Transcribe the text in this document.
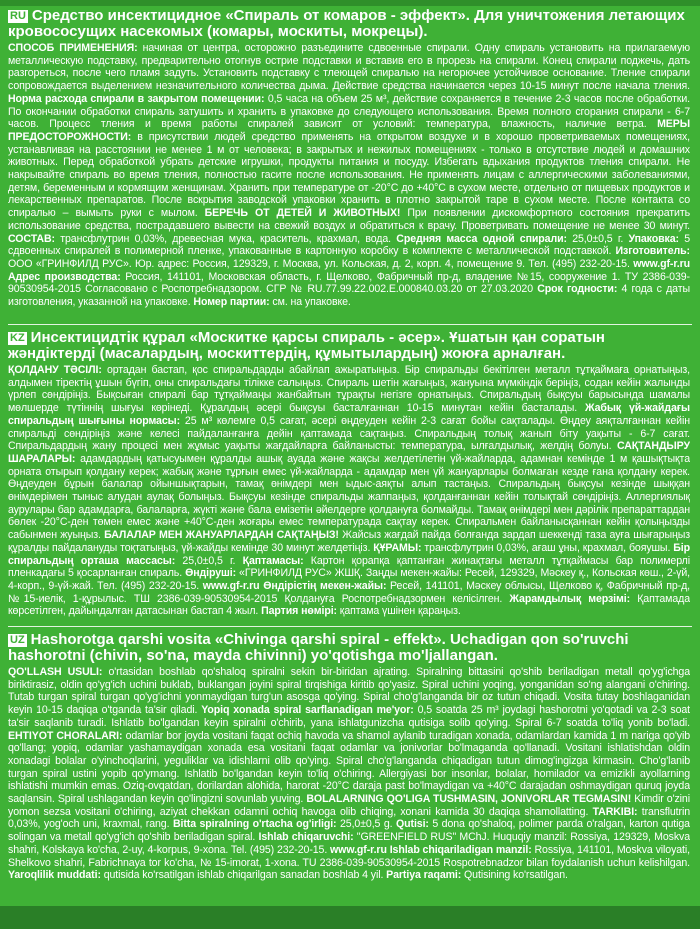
RU Средство инсектицидное «Спираль от комаров - эффект». Для уничтожения летающих кровососущих насекомых (комары, москиты, мокрецы).

СПОСОБ ПРИМЕНЕНИЯ: начиная от центра, осторожно разъедините сдвоенные спирали. Одну спираль установить на прилагаемую металлическую подставку, предварительно отогнув острие подставки и вставив его в прорезь на спирали. Конец спирали поджечь, дать разгореться, после чего пламя задуть. Установить подставку с тлеющей спиралью на негорючее устойчивое основание. Тление спирали сопровождается выделением незначительного количества дыма. Действие средства начинается через 10-15 минут после начала тления. Норма расхода спирали в закрытом помещении: 0,5 часа на объем 25 м³, действие сохраняется в течение 2-3 часов после обработки. По окончании обработки спираль затушить и хранить в упаковке до следующего использования. Время полного сгорания спирали - 6-7 часов. Процесс тления и время работы спиралей зависит от условий: температура, влажность, наличие ветра. МЕРЫ ПРЕДОСТОРОЖНОСТИ: в присутствии людей средство применять на открытом воздухе и в хорошо проветриваемых помещениях, устанавливая на расстоянии не менее 1 м от человека; в закрытых и нежилых помещениях - только в отсутствие людей и домашних животных. Перед обработкой убрать детские игрушки, продукты питания и посуду. Избегать вдыхания продуктов тления спирали. Не накрывайте спираль во время тления, полностью гасите после использования. Не применять лицам с аллергическими заболеваниями, детям, беременным и кормящим женщинам. Хранить при температуре от -20°С до +40°С в сухом месте, отдельно от пищевых продуктов и лекарственных препаратов. После вскрытия заводской упаковки хранить в плотно закрытой таре в сухом месте. После контакта со спиралью – вымыть руки с мылом. БЕРЕЧЬ ОТ ДЕТЕЙ И ЖИВОТНЫХ! При появлении дискомфортного состояния прекратить использование средства, пострадавшего вывести на свежий воздух и обратиться к врачу. Проветривать помещение не менее 30 минут. СОСТАВ: трансфлутрин 0,03%, древесная мука, краситель, крахмал, вода. Средняя масса одной спирали: 25,0±0,5 г. Упаковка: 5 сдвоенных спиралей в полимерной пленке, упакованные в картонную коробку в комплекте с металлической подставкой. Изготовитель: ООО «ГРИНФИЛД РУС». Юр. адрес: Россия, 129329, г. Москва, ул. Кольская, д. 2, корп. 4, помещение 9. Тел. (495) 232-20-15. www.gf-r.ru Адрес производства: Россия, 141101, Московская область, г. Щелково, Фабричный пр-д, владение №15, сооружение 1. ТУ 2386-039-90530954-2015 Согласовано с Роспотребнадзором. СГР № RU.77.99.22.002.E.000840.03.20 от 27.03.2020 Срок годности: 4 года с даты изготовления, указанной на упаковке. Номер партии: см. на упаковке.

KZ Инсектицидтік құрал «Москитке қарсы спираль - әсер». Ұшатын қан соратын жәндіктерді (масалардың, москиттердің, құмытылардың) жоюға арналған.

ҚОЛДАНУ ТӘСІЛІ: ортадан бастап, қос спиральдарды абайлап ажыратыңыз. Бір спиральды бекітілген металл тұтқаймаға орнатыңыз, алдымен тіректің ұшын бүгіп, оны спиральдағы тілікке салыңыз. Спираль шетін жағыңыз, жануына мүмкіндік беріңіз, содан кейін жалынды үрлеп сөндіріңіз. Бықсыған спиралі бар тұтқаймаңы жанбайтын тұрақты негізге орнатыңыз. Спиральдың бықсуы барысында шамалы мөлшерде түтіннің шығуы көрінеді. Құралдың әсері бықсуы басталғаннан 10-15 минутан кейін басталады. Жабық үй-жайдағы спиральдың шығыны нормасы: 25 м³ көлемге 0,5 сағат, әсері өңдеуден кейін 2-3 сағат бойы сақталады. Өңдеу аяқталғаннан кейін спиральді сөндіріңіз және келесі пайдаланғанға дейін қаптамада сақтаңыз. Спиральдың толық жанып біту уақыты - 6-7 сағат. Спиральдардың жану процесі мен жұмыс уақыты жағдайларға байланысты: температура, ылғалдылық, желдің болуы. САҚТАНДЫРУ ШАРАЛАРЫ: адамдардың қатысуымен құралды ашық ауада және жақсы желдетілетін үй-жайларда, адамнан кемінде 1 м қашықтықта орната отырып қолдану керек; жабық және тұрғын емес үй-жайларда - адамдар мен үй жануарлары болмаған кезде ғана қолдану керек. Өңдеуден бұрын балалар ойыншықтарын, тамақ өнімдері мен ыдыс-аяқты алып тастаңыз. Спиральдың бықсуы кезінде шыққан өнімдерімен тыныс алудан аулақ болыңыз. Бықсуы кезінде спиральды жаппаңыз, қолданғаннан кейін толықтай сөндіріңіз. Аллергиялық аурулары бар адамдарға, балаларға, жүкті және бала емізетін әйелдерге қолдануға болмайды. Тамақ өнімдері мен дәрілік препараттардан бөлек -20°С-ден төмен емес және +40°С-ден жоғары емес температурада сақтау керек. Спиральмен байланысқаннан кейін қолыңызды сабынмен жуыңыз. БАЛАЛАР МЕН ЖАНУАРЛАРДАН САҚТАҢЫЗ! Жайсыз жағдай пайда болғанда зардап шеккенді таза ауға шығарыңыз құралды пайдалануды тоқтатыңыз, үй-жайды кемінде 30 минут желдетіңіз. ҚҰРАМЫ: трансфлутрин 0,03%, ағаш ұны, крахмал, бояушы. Бір спиральдың орташа массасы: 25,0±0,5 г. Қаптамасы: Картон қорапқа қаптанған жинақтағы металл тұтқаймасы бар полимерлі пленкадағы 5 қосарланған спираль. Өндіруші: «ГРИНФИЛД РУС» ЖШҚ. Заңды мекен-жайы: Ресей, 129329, Мәскеу қ., Кольская көш., 2-үй, 4-корп., 9-үй-жай. Тел. (495) 232-20-15. www.gf-r.ru Өндірістің мекен-жайы: Ресей, 141101, Мәскеу облысы, Щелково қ, Фабричный пр-д, №15-иелік, 1-құрылыс. ТШ 2386-039-90530954-2015 Қолдануға Роспотребнадзормен келісілген. Жарамдылық мерзімі: Қаптамада көрсетілген, дайындалған датасынан бастап 4 жыл. Партия нөмірі: қаптама үшінен қараңыз.

UZ Hashorotga qarshi vosita «Chivinga qarshi spiral - effekt». Uchadigan qon so'ruvchi hashorotni (chivin, so'na, mayda chivinni) yo'qotishga mo'ljallangan.

QO'LLASH USULI: o'rtasidan boshlab qo'shaloq spiralni sekin bir-biridan ajrating. Spiralning bittasini qo'shib beriladigan metall qo'yg'ichga biriktirasiz, oldin qo'yg'ich uchini buklab, buklangan joyini spiral tirqishiga kiritib qo'yasiz. Spiral uchini yoqing, yonganidan so'ng alangani o'chiring. Tutab turgan spiral turgan qo'yg'ichni yonmaydigan turg'un asosga qo'ying. Spiral cho'g'langanda bir oz tutun chiqadi. Vosita tutay boshlaganidan keyin 10-15 daqiqa o'tganda ta'sir qiladi. Yopiq xonada spiral sarflanadigan me'yor: 0,5 soatda 25 m³ joydagi hashorotni yo'qotadi va 2-3 soat ta'sir saqlanib turadi. Ishlatib bo'lgandan keyin spiralni o'chirib, yana ishlatgunizcha qutisiga solib qo'ying. Spiral 6-7 soatda to'liq yonib bo'ladi. EHTIYOT CHORALARI: odamlar bor joyda vositani faqat ochiq havoda va shamol aylanib turadigan xonada, odamlardan kamida 1 m nariga qo'yib qo'llang; yopiq, odamlar yashamaydigan xonada esa vositani faqat odamlar va jonivorlar bo'lmaganda qo'llanadi. Vositani ishlatishdan oldin xonadagi bolalar o'yinchoqlarini, yeguliklar va idishlarni olib qo'ying. Spiral cho'g'langanda chiqadigan tutun dimog'ingizga kirmasin. Cho'g'lanib turgan spiral ustini yopib qo'ymang. Ishlatib bo'lgandan keyin to'liq o'chiring. Allergiyasi bor insonlar, bolalar, homilador va emizikli ayollarning ishlatishi mumkin emas. Oziq-ovqatdan, dorilardan alohida, harorat -20°C daraja past bo'lmaydigan va +40°C darajadan oshmaydigan quruq joyda saqlansin. Spiral ushlagandan keyin qo'lingizni sovunlab yuving. BOLALARNING QO'LIGA TUSHMASIN, JONIVORLAR TEGMASIN! Kimdir o'zini yomon sezsa vositani o'chiring, aziyat chekkan odamni ochiq havoga olib chiqing, xonani kamida 30 daqiqa shamollatting. TARKIBI: transflutrin 0,03%, yog'och uni, kraxmal, rang. Bitta spiralning o'rtacha og'irligi: 25,0±0,5 g. Qutisi: 5 dona qo'shaloq, polimer parda o'ralgan, karton qutiga solingan va metall qo'yg'ich qo'shib beriladigan spiral. Ishlab chiqaruvchi: "GREENFIELD RUS" MChJ. Huquqiy manzil: Rossiya, 129329, Moskva shahri, Kolskaya ko'cha, 2-uy, 4-korpus, 9-xona. Tel. (495) 232-20-15. www.gf-r.ru Ishlab chiqariladigan manzil: Rossiya, 141101, Moskva viloyati, Shelkovo shahri, Fabrichnaya tor ko'cha, № 15-imorat, 1-xona. TU 2386-039-90530954-2015 Rospotrebnadzor bilan foydalanish uchun kelishilgan. Yaroqlilik muddati: qutisida ko'rsatilgan ishlab chiqarilgan sanadan boshlab 4 yil. Partiya raqami: Qutisining ko'rsatilgan.
